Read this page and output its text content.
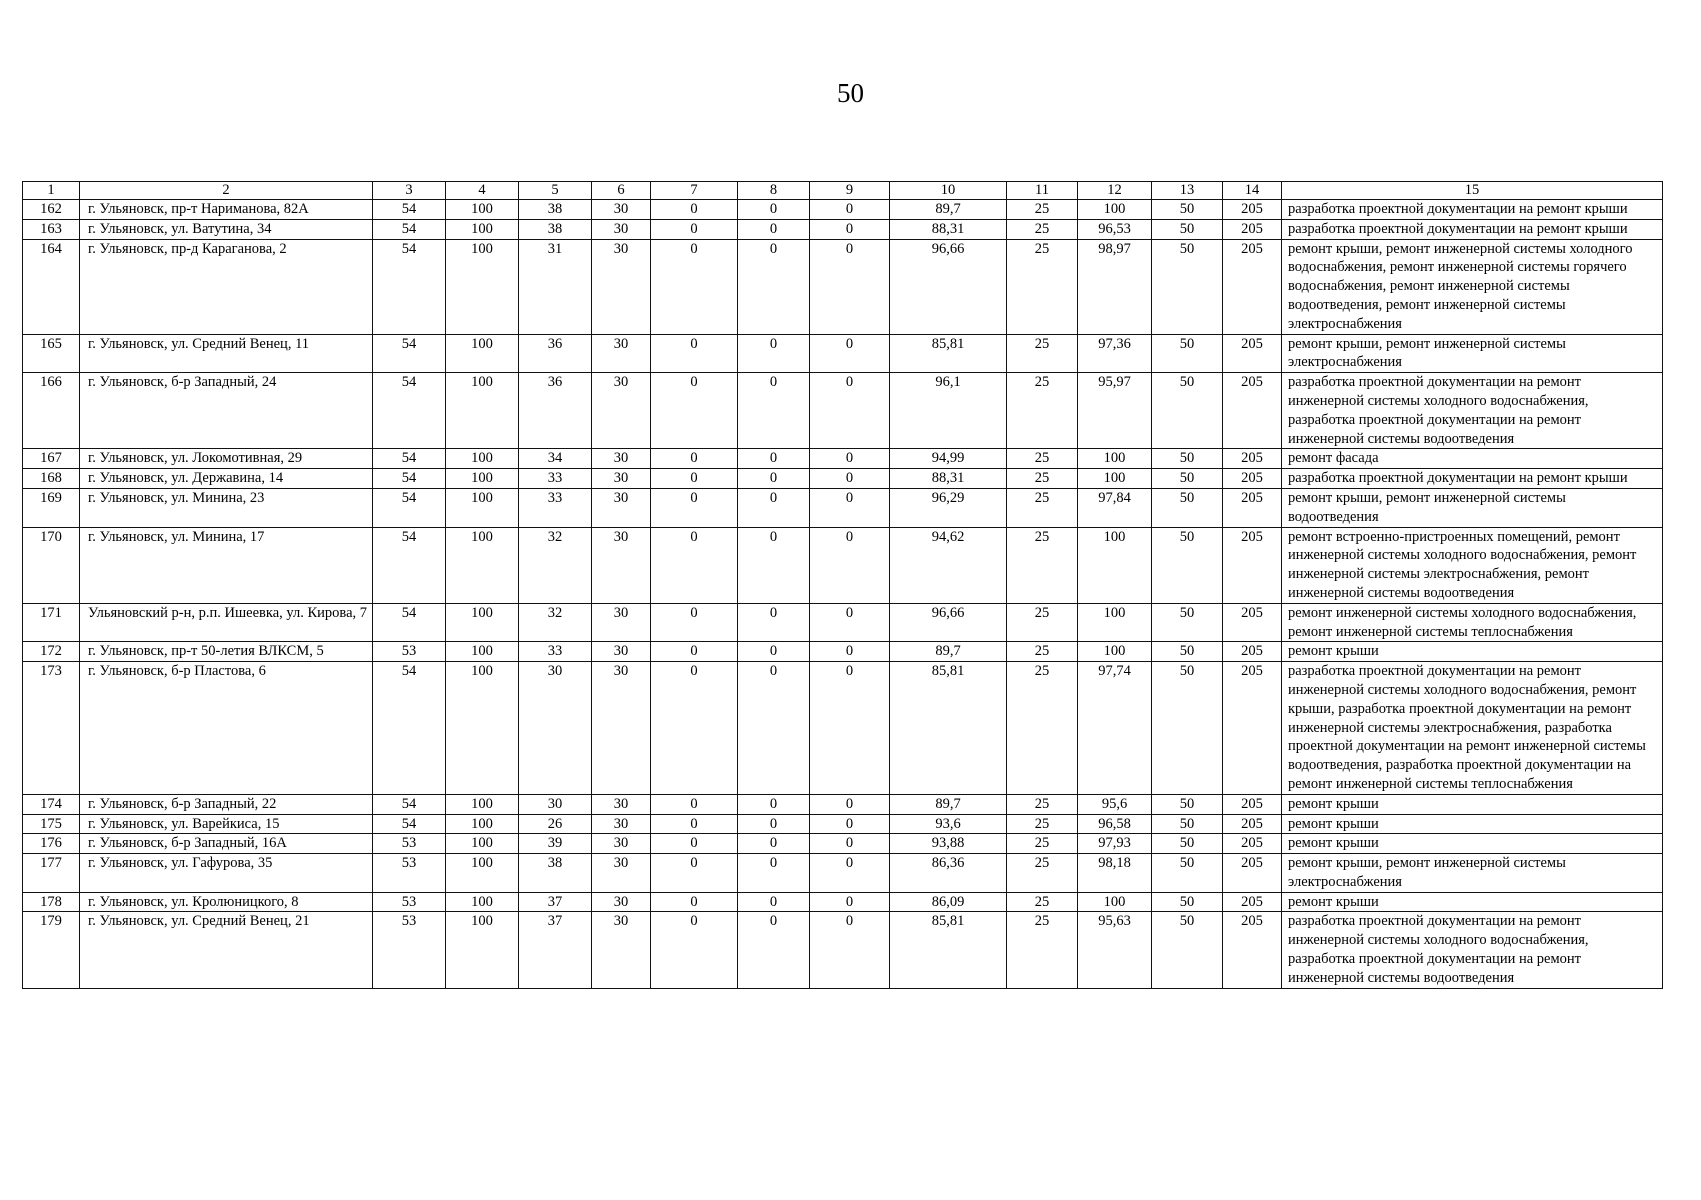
50
1	2	3	4	5	6	7	8	9	10	11	12	13	14	15
162	г. Ульяновск, пр-т Нариманова, 82А	54	100	38	30	0	0	0	89,7	25	100	50	205	разработка проектной документации на ремонт крыши
163	г. Ульяновск, ул. Ватутина, 34	54	100	38	30	0	0	0	88,31	25	96,53	50	205	разработка проектной документации на ремонт крыши
164	г. Ульяновск, пр-д Караганова, 2	54	100	31	30	0	0	0	96,66	25	98,97	50	205	ремонт крыши, ремонт инженерной системы холодного водоснабжения, ремонт инженерной системы горячего водоснабжения, ремонт инженерной системы водоотведения, ремонт инженерной системы электроснабжения
165	г. Ульяновск, ул. Средний Венец, 11	54	100	36	30	0	0	0	85,81	25	97,36	50	205	ремонт крыши, ремонт инженерной системы электроснабжения
166	г. Ульяновск, б-р Западный, 24	54	100	36	30	0	0	0	96,1	25	95,97	50	205	разработка проектной документации на ремонт инженерной системы холодного водоснабжения, разработка проектной документации на ремонт инженерной системы водоотведения
167	г. Ульяновск, ул. Локомотивная, 29	54	100	34	30	0	0	0	94,99	25	100	50	205	ремонт фасада
168	г. Ульяновск, ул. Державина, 14	54	100	33	30	0	0	0	88,31	25	100	50	205	разработка проектной документации на ремонт крыши
169	г. Ульяновск, ул. Минина, 23	54	100	33	30	0	0	0	96,29	25	97,84	50	205	ремонт крыши, ремонт инженерной системы водоотведения
170	г. Ульяновск, ул. Минина, 17	54	100	32	30	0	0	0	94,62	25	100	50	205	ремонт встроенно-пристроенных помещений, ремонт инженерной системы холодного водоснабжения, ремонт инженерной системы электроснабжения, ремонт инженерной системы водоотведения
171	Ульяновский р-н, р.п. Ишеевка, ул. Кирова, 7	54	100	32	30	0	0	0	96,66	25	100	50	205	ремонт инженерной системы холодного водоснабжения, ремонт инженерной системы теплоснабжения
172	г. Ульяновск, пр-т 50-летия ВЛКСМ, 5	53	100	33	30	0	0	0	89,7	25	100	50	205	ремонт крыши
173	г. Ульяновск, б-р Пластова, 6	54	100	30	30	0	0	0	85,81	25	97,74	50	205	разработка проектной документации на ремонт инженерной системы холодного водоснабжения, ремонт крыши, разработка проектной документации на ремонт инженерной системы электроснабжения, разработка проектной документации на ремонт инженерной системы водоотведения, разработка проектной документации на ремонт инженерной системы теплоснабжения
174	г. Ульяновск, б-р Западный, 22	54	100	30	30	0	0	0	89,7	25	95,6	50	205	ремонт крыши
175	г. Ульяновск, ул. Варейкиса, 15	54	100	26	30	0	0	0	93,6	25	96,58	50	205	ремонт крыши
176	г. Ульяновск, б-р Западный, 16А	53	100	39	30	0	0	0	93,88	25	97,93	50	205	ремонт крыши
177	г. Ульяновск, ул. Гафурова, 35	53	100	38	30	0	0	0	86,36	25	98,18	50	205	ремонт крыши, ремонт инженерной системы электроснабжения
178	г. Ульяновск, ул. Кролюницкого, 8	53	100	37	30	0	0	0	86,09	25	100	50	205	ремонт крыши
179	г. Ульяновск, ул. Средний Венец, 21	53	100	37	30	0	0	0	85,81	25	95,63	50	205	разработка проектной документации на ремонт инженерной системы холодного водоснабжения, разработка проектной документации на ремонт инженерной системы водоотведения
